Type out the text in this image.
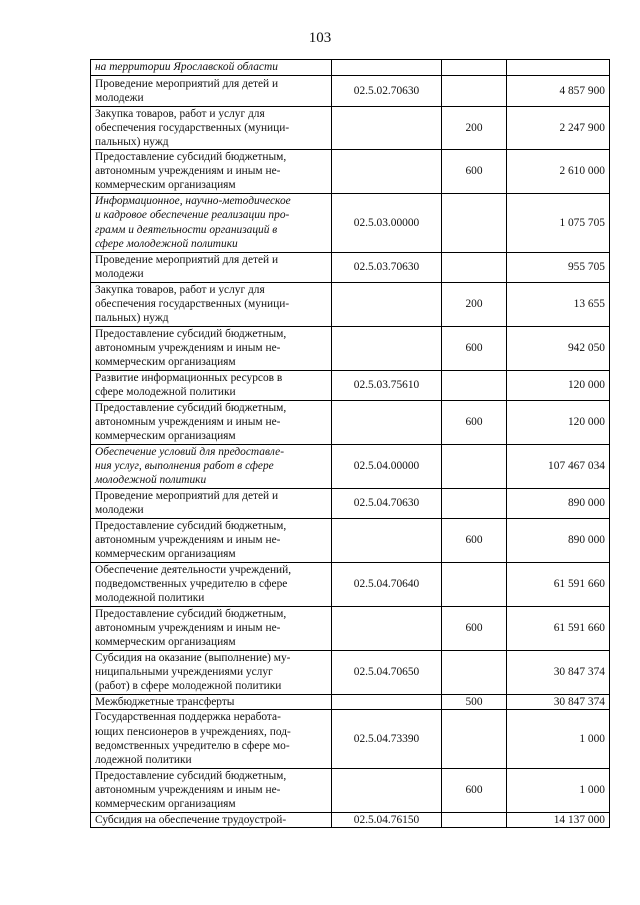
103
на территории Ярославской области			

Проведение мероприятий для детей и
молодежи	02.5.02.70630		4 857 900

Закупка товаров, работ и услуг для
обеспечения государственных (муници-
пальных) нужд		200	2 247 900

Предоставление субсидий бюджетным,
автономным учреждениям и иным не-
коммерческим организациям		600	2 610 000

Информационное, научно-методическое
и кадровое обеспечение реализации про-
грамм и деятельности организаций в
сфере молодежной политики	02.5.03.00000		1 075 705

Проведение мероприятий для детей и
молодежи	02.5.03.70630		955 705

Закупка товаров, работ и услуг для
обеспечения государственных (муници-
пальных) нужд		200	13 655

Предоставление субсидий бюджетным,
автономным учреждениям и иным не-
коммерческим организациям		600	942 050

Развитие информационных ресурсов в
сфере молодежной политики	02.5.03.75610		120 000

Предоставление субсидий бюджетным,
автономным учреждениям и иным не-
коммерческим организациям		600	120 000

Обеспечение условий для предоставле-
ния услуг, выполнения работ в сфере
молодежной политики	02.5.04.00000		107 467 034

Проведение мероприятий для детей и
молодежи	02.5.04.70630		890 000

Предоставление субсидий бюджетным,
автономным учреждениям и иным не-
коммерческим организациям		600	890 000

Обеспечение деятельности учреждений,
подведомственных учредителю в сфере
молодежной политики	02.5.04.70640		61 591 660

Предоставление субсидий бюджетным,
автономным учреждениям и иным не-
коммерческим организациям		600	61 591 660

Субсидия на оказание (выполнение) му-
ниципальными учреждениями услуг
(работ) в сфере молодежной политики	02.5.04.70650		30 847 374

Межбюджетные трансферты		500	30 847 374

Государственная поддержка неработа-
ющих пенсионеров в учреждениях, под-
ведомственных учредителю в сфере мо-
лодежной политики	02.5.04.73390		1 000

Предоставление субсидий бюджетным,
автономным учреждениям и иным не-
коммерческим организациям		600	1 000

Субсидия на обеспечение трудоустрой-	02.5.04.76150		14 137 000
